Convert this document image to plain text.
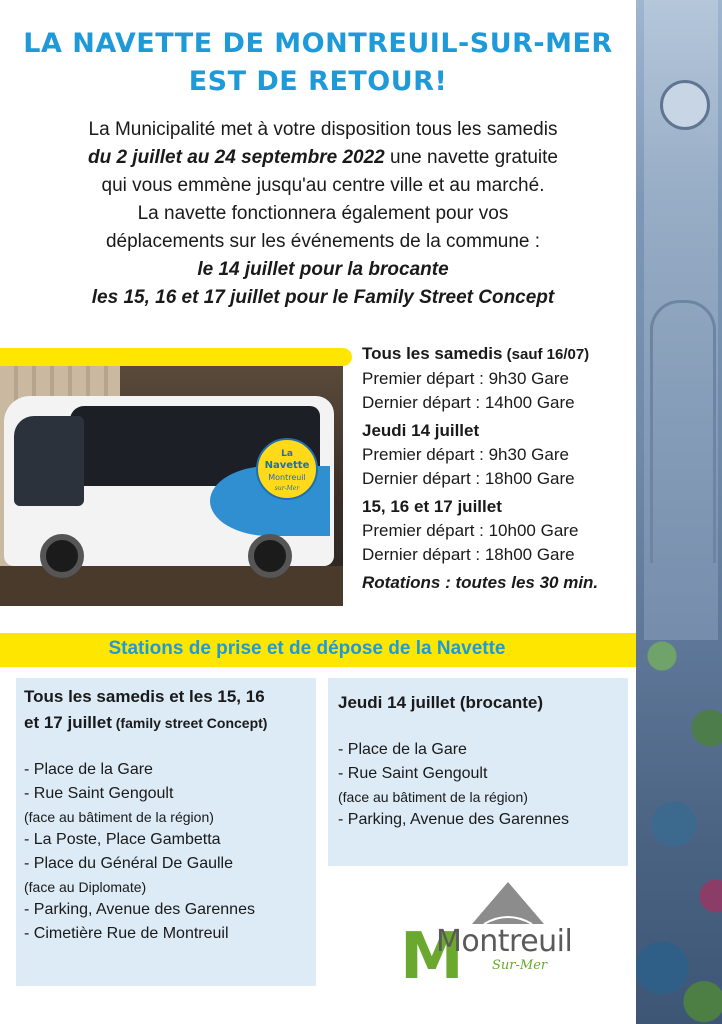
LA NAVETTE DE MONTREUIL-SUR-MER
EST DE RETOUR!
La Municipalité met à votre disposition tous les samedis
du 2 juillet au 24 septembre 2022 une navette gratuite
qui vous emmène jusqu'au centre ville et au marché.
La navette fonctionnera également pour vos
déplacements sur les événements de la commune :
le 14 juillet pour la brocante
les 15, 16 et 17 juillet pour le Family Street Concept
La
Navette
Montreuil
sur-Mer
Tous les samedis (sauf 16/07)
Premier départ : 9h30 Gare
Dernier départ : 14h00 Gare
Jeudi 14 juillet
Premier départ : 9h30 Gare
Dernier départ : 18h00 Gare
15, 16 et 17 juillet
Premier départ : 10h00 Gare
Dernier départ : 18h00 Gare
Rotations : toutes les 30 min.
Stations de prise et de dépose de la Navette
Tous les samedis et les 15, 16
et 17 juillet (family street Concept)
- Place de la Gare
- Rue Saint Gengoult
(face au bâtiment de la région)
- La Poste, Place Gambetta
- Place du Général De Gaulle
(face au Diplomate)
- Parking, Avenue des Garennes
- Cimetière Rue de Montreuil
Jeudi 14 juillet (brocante)
- Place de la Gare
- Rue Saint Gengoult
(face au bâtiment de la région)
- Parking, Avenue des Garennes
M
Montreuil
Sur-Mer
